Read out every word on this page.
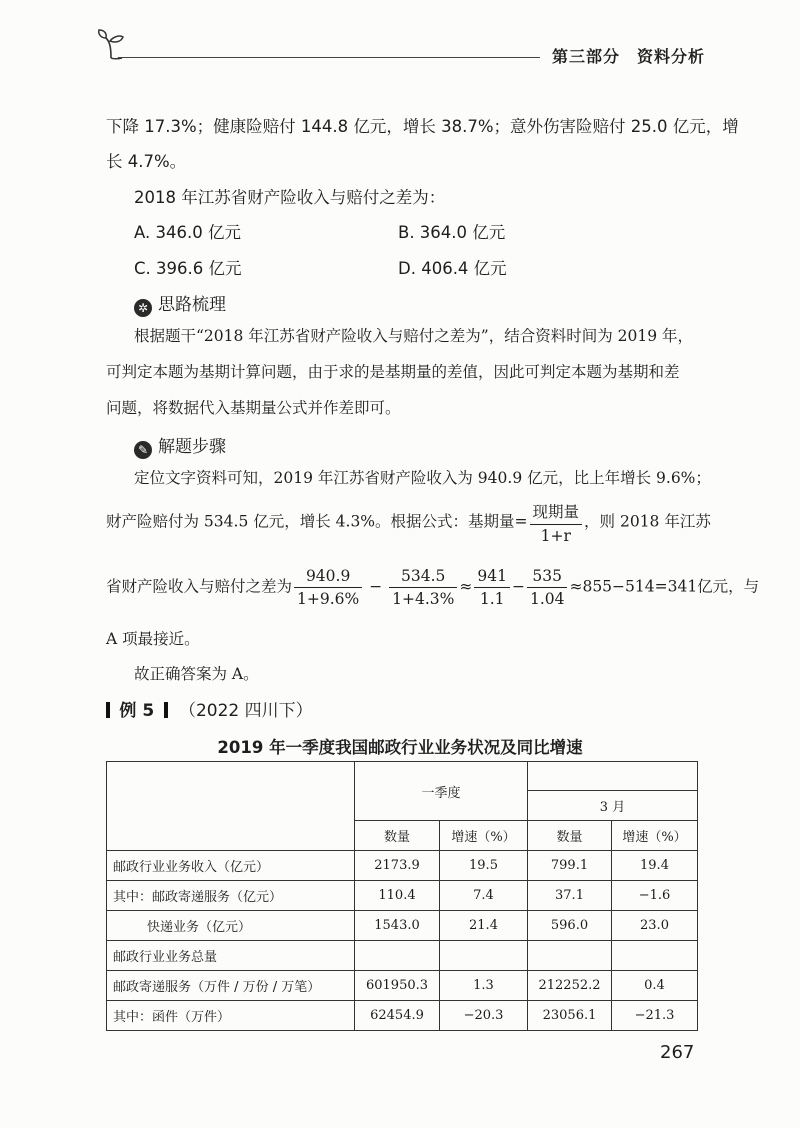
第三部分　资料分析
下降 17.3%；健康险赔付 144.8 亿元，增长 38.7%；意外伤害险赔付 25.0 亿元，增
长 4.7%。
2018 年江苏省财产险收入与赔付之差为：
A. 346.0 亿元	B. 364.0 亿元
C. 396.6 亿元	D. 406.4 亿元
✲ 思路梳理
根据题干“2018 年江苏省财产险收入与赔付之差为”，结合资料时间为 2019 年，
可判定本题为基期计算问题，由于求的是基期量的差值，因此可判定本题为基期和差
问题，将数据代入基期量公式并作差即可。
✎ 解题步骤
定位文字资料可知，2019 年江苏省财产险收入为 940.9 亿元，比上年增长 9.6%；
财产险赔付为 534.5 亿元，增长 4.3%。根据公式：基期量= $\frac{\text{现期量}}{1+r}$ ，则 2018 年江苏
省财产险收入与赔付之差为 $\frac{940.9}{1+9.6\%} - \frac{534.5}{1+4.3\%} \approx \frac{941}{1.1} - \frac{535}{1.04} \approx 855-514=341$亿元，与
A 项最接近。
故正确答案为 A。
例 5 （2022 四川下）
2019 年一季度我国邮政行业业务状况及同比增速
	一季度			
			3 月	
	数量	增速（%）	数量	增速（%）
邮政行业业务收入（亿元）	2173.9	19.5	799.1	19.4
其中：邮政寄递服务（亿元）	110.4	7.4	37.1	−1.6
快递业务（亿元）	1543.0	21.4	596.0	23.0
邮政行业业务总量				
邮政寄递服务（万件 / 万份 / 万笔）	601950.3	1.3	212252.2	0.4
其中：函件（万件）	62454.9	−20.3	23056.1	−21.3
267
